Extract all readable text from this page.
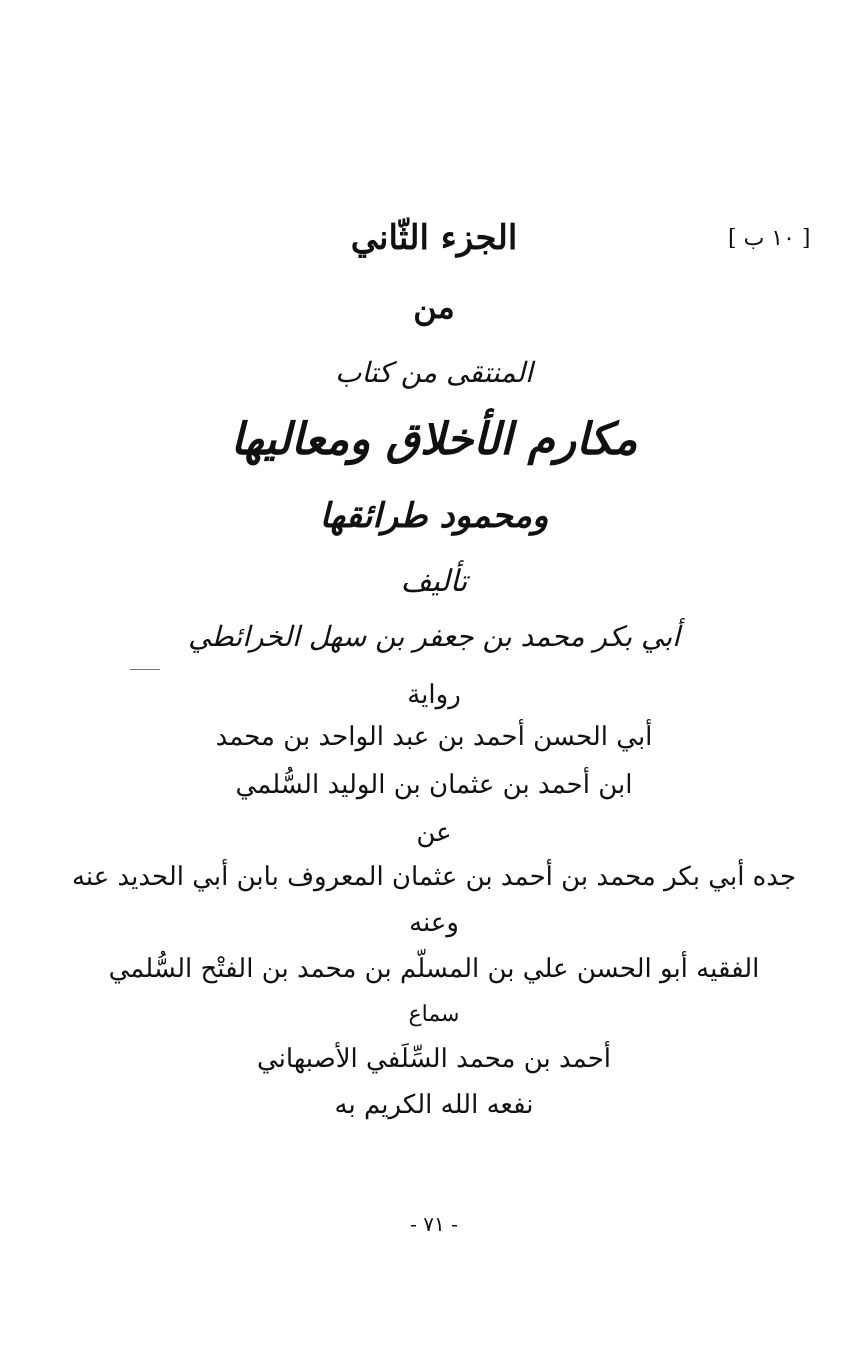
[ ١٠ ب ]
الجزء الثّاني
من
المنتقى من كتاب
مكارم الأخلاق ومعاليها
ومحمود طرائقها
تأليف
أبي بكر محمد بن جعفر بن سهل الخرائطي
رواية
أبي الحسن أحمد بن عبد الواحد بن محمد
ابن أحمد بن عثمان بن الوليد السُّلمي
عن
جده أبي بكر محمد بن أحمد بن عثمان المعروف بابن أبي الحديد عنه
وعنه
الفقيه أبو الحسن علي بن المسلّم بن محمد بن الفتْح السُّلمي
سماع
أحمد بن محمد السِّلَفي الأصبهاني
نفعه الله الكريم به
- ٧١ -
